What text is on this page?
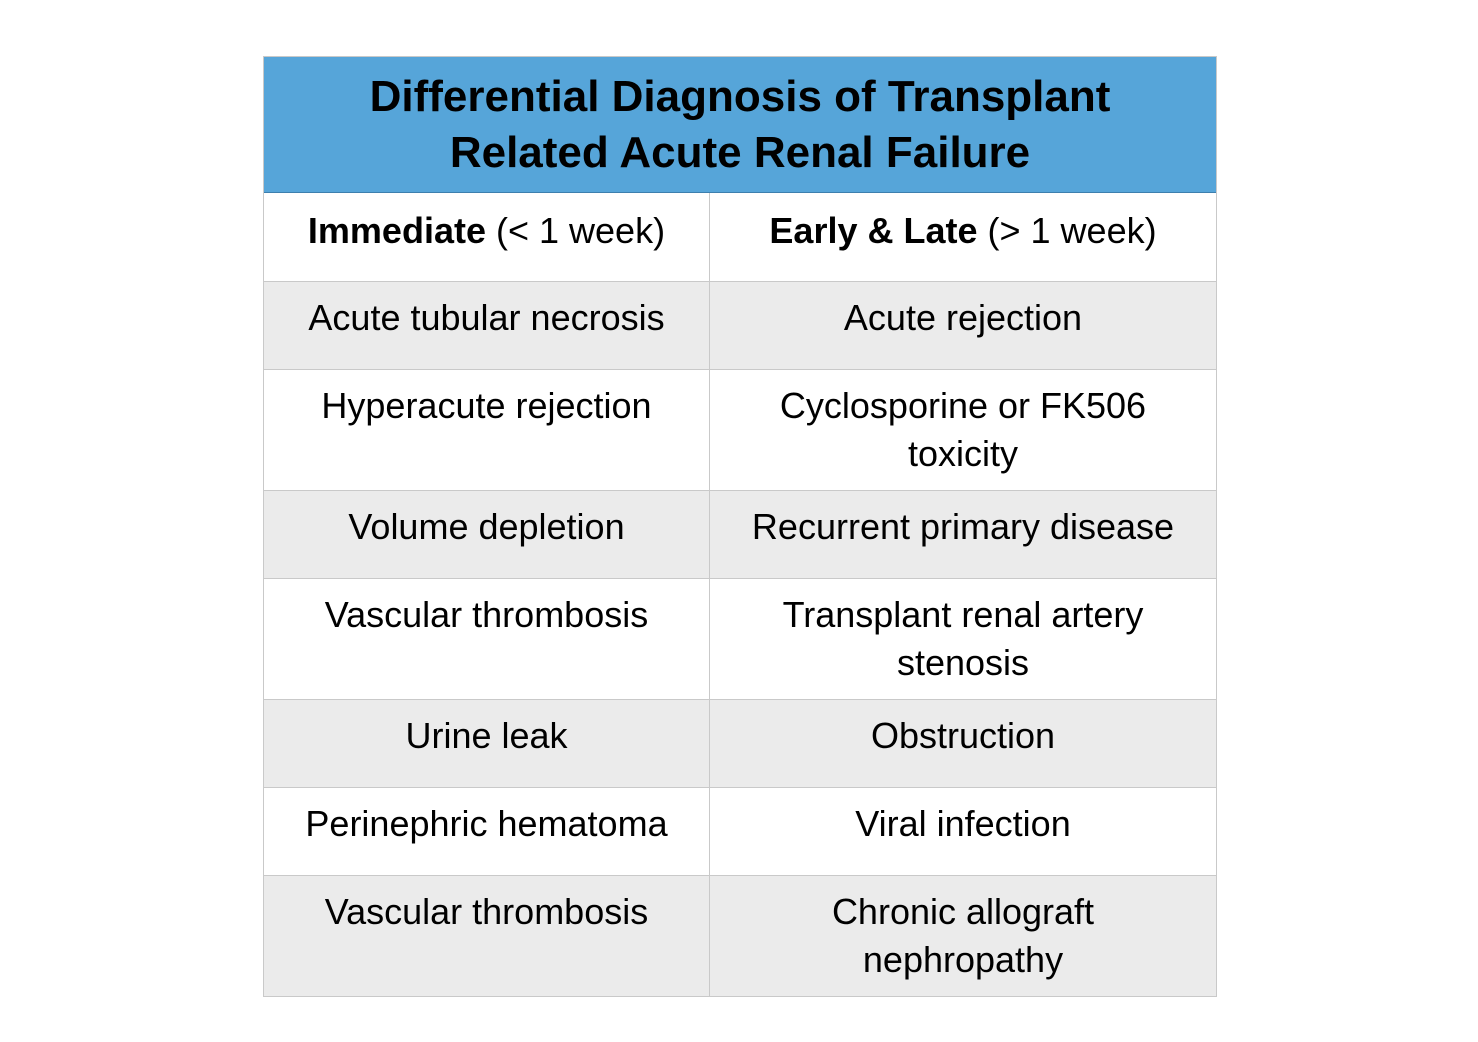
Differential Diagnosis of Transplant Related Acute Renal Failure
Immediate (< 1 week)	Early & Late (> 1 week)
Acute tubular necrosis	Acute rejection
Hyperacute rejection	Cyclosporine or FK506 toxicity
Volume depletion	Recurrent primary disease
Vascular thrombosis	Transplant renal artery stenosis
Urine leak	Obstruction
Perinephric hematoma	Viral infection
Vascular thrombosis	Chronic allograft nephropathy
